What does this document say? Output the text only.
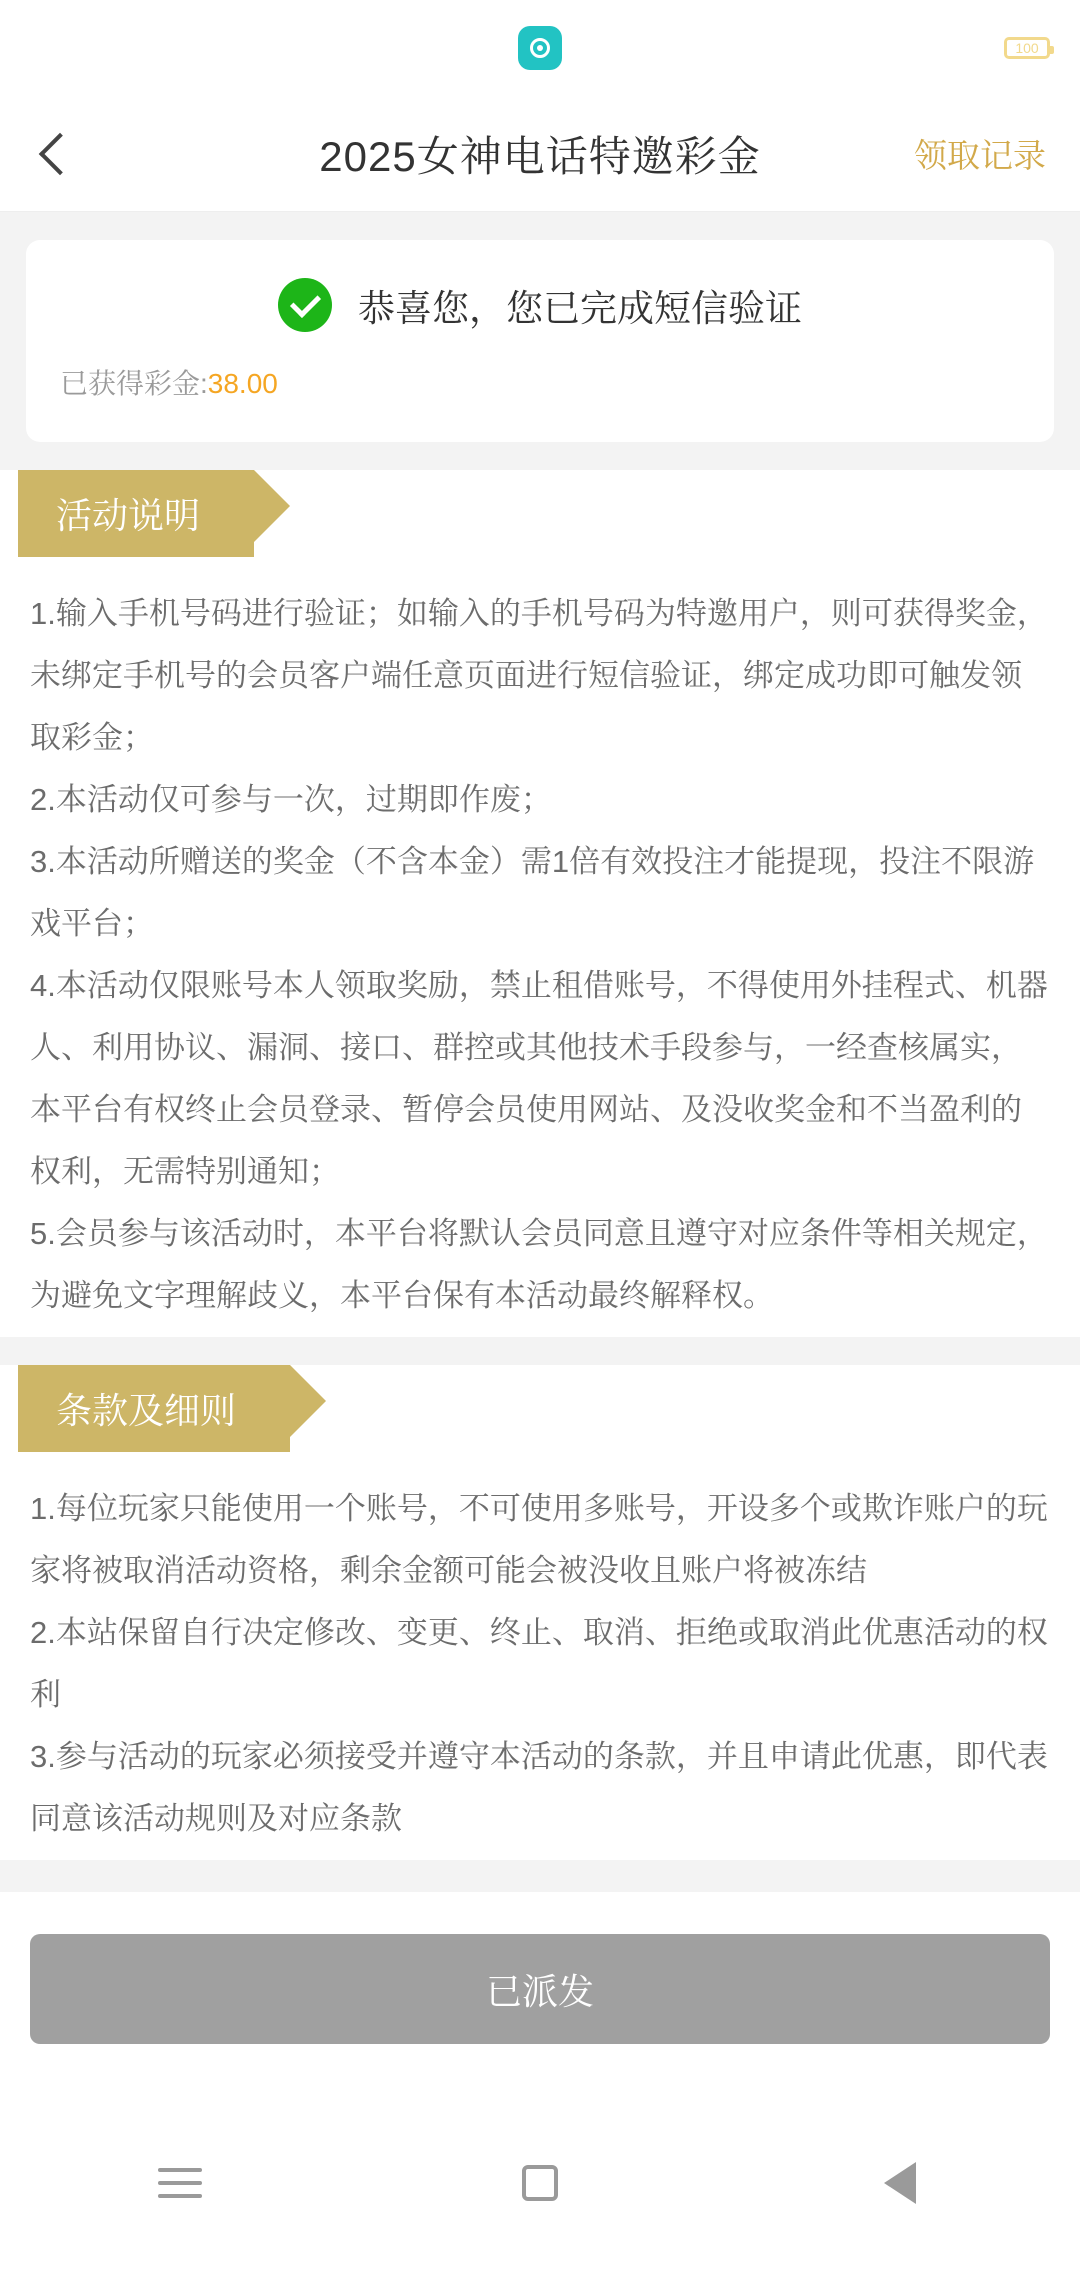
100
2025女神电话特邀彩金	领取记录
恭喜您，您已完成短信验证
已获得彩金:38.00
活动说明

1.输入手机号码进行验证；如输入的手机号码为特邀用户，则可获得奖金，未绑定手机号的会员客户端任意页面进行短信验证，绑定成功即可触发领取彩金；

2.本活动仅可参与一次，过期即作废；

3.本活动所赠送的奖金（不含本金）需1倍有效投注才能提现，投注不限游戏平台；

4.本活动仅限账号本人领取奖励，禁止租借账号，不得使用外挂程式、机器人、利用协议、漏洞、接口、群控或其他技术手段参与，一经查核属实，本平台有权终止会员登录、暂停会员使用网站、及没收奖金和不当盈利的权利，无需特别通知；

5.会员参与该活动时，本平台将默认会员同意且遵守对应条件等相关规定，为避免文字理解歧义，本平台保有本活动最终解释权。

条款及细则

1.每位玩家只能使用一个账号，不可使用多账号，开设多个或欺诈账户的玩家将被取消活动资格，剩余金额可能会被没收且账户将被冻结

2.本站保留自行决定修改、变更、终止、取消、拒绝或取消此优惠活动的权利

3.参与活动的玩家必须接受并遵守本活动的条款，并且申请此优惠，即代表同意该活动规则及对应条款

已派发
